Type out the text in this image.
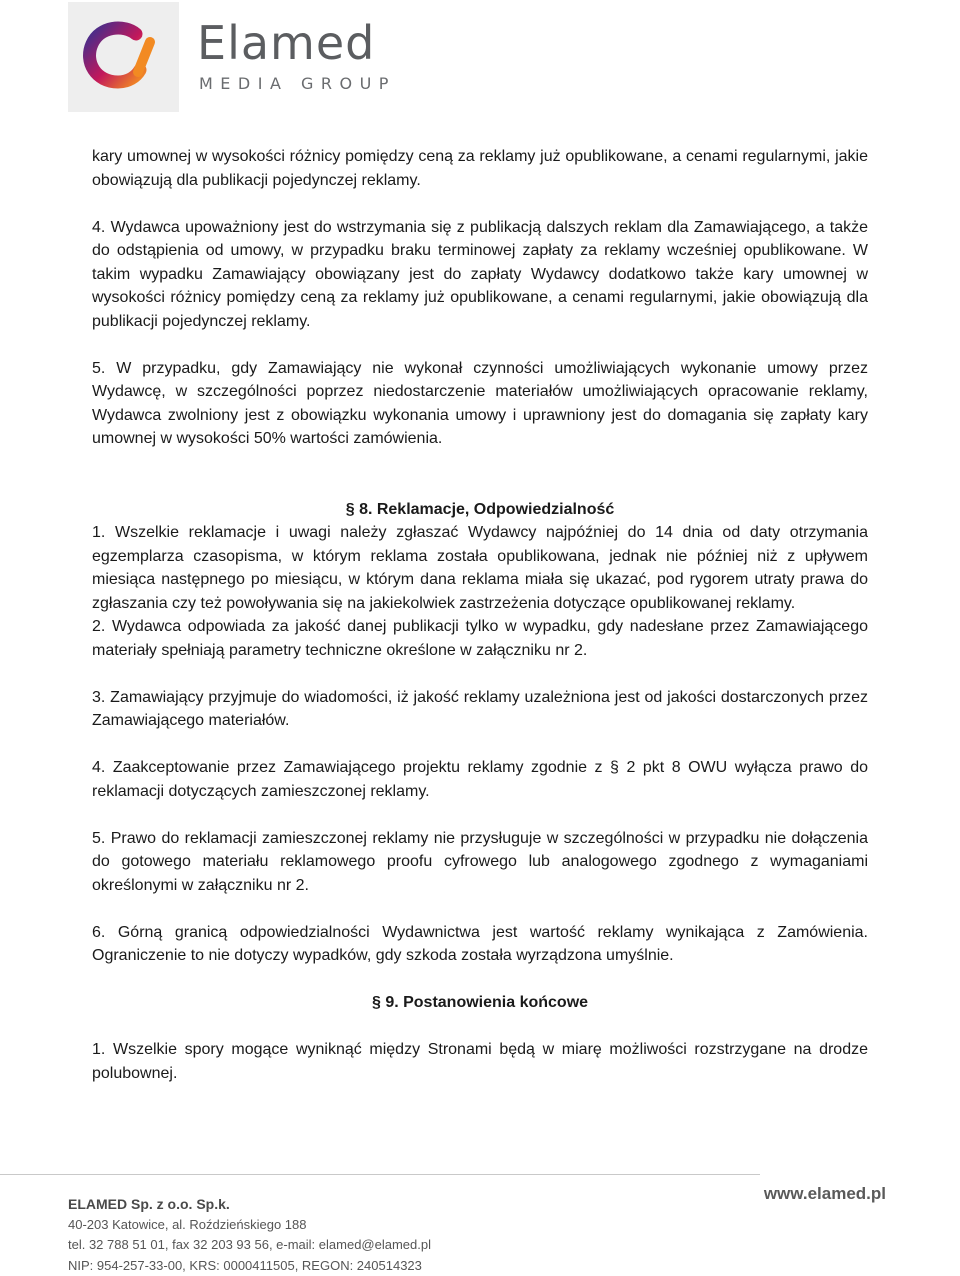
Elamed
MEDIA GROUP

kary umownej w wysokości różnicy pomiędzy ceną za reklamy już opublikowane, a cenami regularnymi, jakie obowiązują dla publikacji pojedynczej reklamy.

4. Wydawca upoważniony jest do wstrzymania się z publikacją dalszych reklam dla Zamawiającego, a także do odstąpienia od umowy, w przypadku braku terminowej zapłaty za reklamy wcześniej opublikowane. W takim wypadku Zamawiający obowiązany jest do zapłaty Wydawcy dodatkowo także kary umownej w wysokości różnicy pomiędzy ceną za reklamy już opublikowane, a cenami regularnymi, jakie obowiązują dla publikacji pojedynczej reklamy.

5. W przypadku, gdy Zamawiający nie wykonał czynności umożliwiających wykonanie umowy przez Wydawcę, w szczególności poprzez niedostarczenie materiałów umożliwiających opracowanie reklamy, Wydawca zwolniony jest z obowiązku wykonania umowy i uprawniony jest do domagania się zapłaty kary umownej w wysokości 50% wartości zamówienia.

§ 8. Reklamacje, Odpowiedzialność

1. Wszelkie reklamacje i uwagi należy zgłaszać Wydawcy najpóźniej do 14 dnia od daty otrzymania egzemplarza czasopisma, w którym reklama została opublikowana, jednak nie później niż z upływem miesiąca następnego po miesiącu, w którym dana reklama miała się ukazać, pod rygorem utraty prawa do zgłaszania czy też powoływania się na jakiekolwiek zastrzeżenia dotyczące opublikowanej reklamy.

2. Wydawca odpowiada za jakość danej publikacji tylko w wypadku, gdy nadesłane przez Zamawiającego materiały spełniają parametry techniczne określone w załączniku nr 2.

3. Zamawiający przyjmuje do wiadomości, iż jakość reklamy uzależniona jest od jakości dostarczonych przez Zamawiającego materiałów.

4. Zaakceptowanie przez Zamawiającego projektu reklamy zgodnie z § 2 pkt 8 OWU wyłącza prawo do reklamacji dotyczących zamieszczonej reklamy.

5. Prawo do reklamacji zamieszczonej reklamy nie przysługuje w szczególności w przypadku nie dołączenia do gotowego materiału reklamowego proofu cyfrowego lub analogowego zgodnego z wymaganiami określonymi w załączniku nr 2.

6. Górną granicą odpowiedzialności Wydawnictwa jest wartość reklamy wynikająca z Zamówienia. Ograniczenie to nie dotyczy wypadków, gdy szkoda została wyrządzona umyślnie.

§ 9. Postanowienia końcowe

1. Wszelkie spory mogące wyniknąć między Stronami będą w miarę możliwości rozstrzygane na drodze polubownej.

ELAMED Sp. z o.o. Sp.k.
40-203 Katowice, al. Roździeńskiego 188
tel. 32 788 51 01, fax 32 203 93 56, e-mail: elamed@elamed.pl
NIP: 954-257-33-00, KRS: 0000411505, REGON: 240514323
www.elamed.pl
